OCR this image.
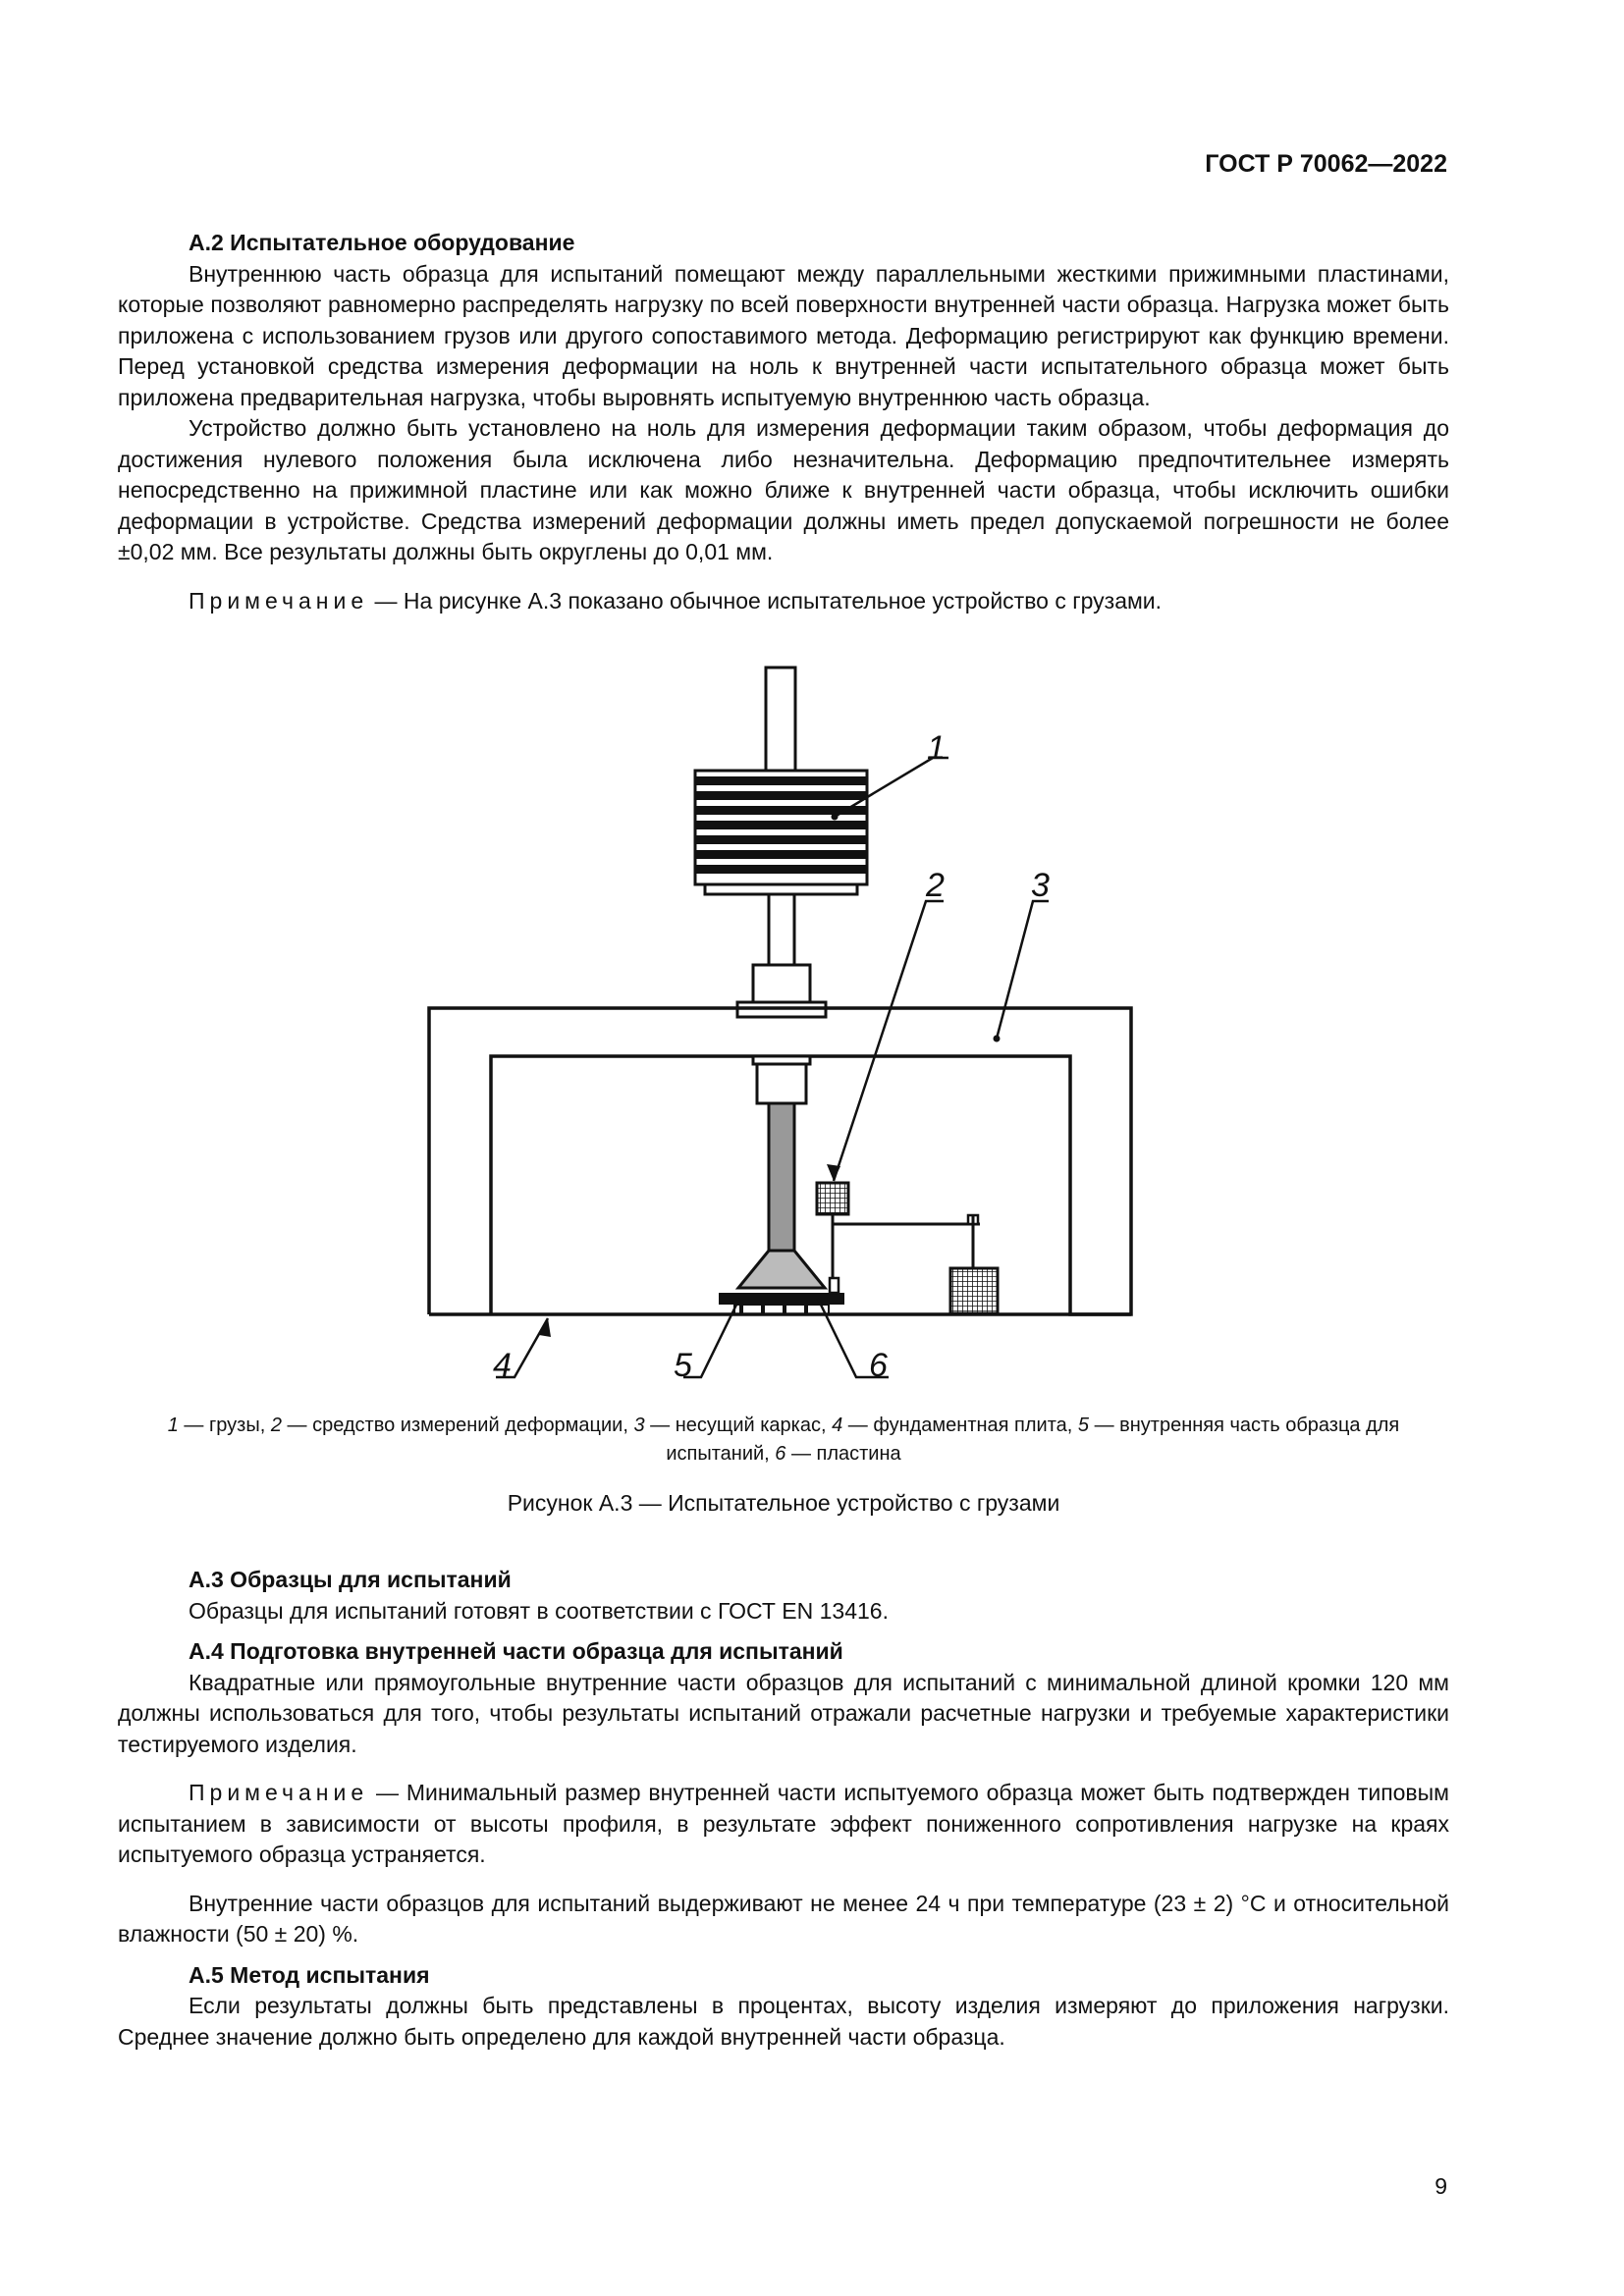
ГОСТ Р 70062—2022

А.2 Испытательное оборудование

Внутреннюю часть образца для испытаний помещают между параллельными жесткими прижимными пластинами, которые позволяют равномерно распределять нагрузку по всей поверхности внутренней части образца. Нагрузка может быть приложена с использованием грузов или другого сопоставимого метода. Деформацию регистрируют как функцию времени. Перед установкой средства измерения деформации на ноль к внутренней части испытательного образца может быть приложена предварительная нагрузка, чтобы выровнять испытуемую внутреннюю часть образца.

Устройство должно быть установлено на ноль для измерения деформации таким образом, чтобы деформация до достижения нулевого положения была исключена либо незначительна. Деформацию предпочтительнее измерять непосредственно на прижимной пластине или как можно ближе к внутренней части образца, чтобы исключить ошибки деформации в устройстве. Средства измерений деформации должны иметь предел допускаемой погрешности не более ±0,02 мм. Все результаты должны быть округлены до 0,01 мм.

Примечание — На рисунке А.3 показано обычное испытательное устройство с грузами.

1
2	3
4	5	6
1 — грузы, 2 — средство измерений деформации, 3 — несущий каркас, 4 — фундаментная плита, 5 — внутренняя часть образца для испытаний, 6 — пластина
Рисунок А.3 — Испытательное устройство с грузами

А.3 Образцы для испытаний

Образцы для испытаний готовят в соответствии с ГОСТ EN 13416.

А.4 Подготовка внутренней части образца для испытаний

Квадратные или прямоугольные внутренние части образцов для испытаний с минимальной длиной кромки 120 мм должны использоваться для того, чтобы результаты испытаний отражали расчетные нагрузки и требуемые характеристики тестируемого изделия.

Примечание — Минимальный размер внутренней части испытуемого образца может быть подтвержден типовым испытанием в зависимости от высоты профиля, в результате эффект пониженного сопротивления нагрузке на краях испытуемого образца устраняется.

Внутренние части образцов для испытаний выдерживают не менее 24 ч при температуре (23 ± 2) °C и относительной влажности (50 ± 20) %.

А.5 Метод испытания

Если результаты должны быть представлены в процентах, высоту изделия измеряют до приложения нагрузки. Среднее значение должно быть определено для каждой внутренней части образца.

9
